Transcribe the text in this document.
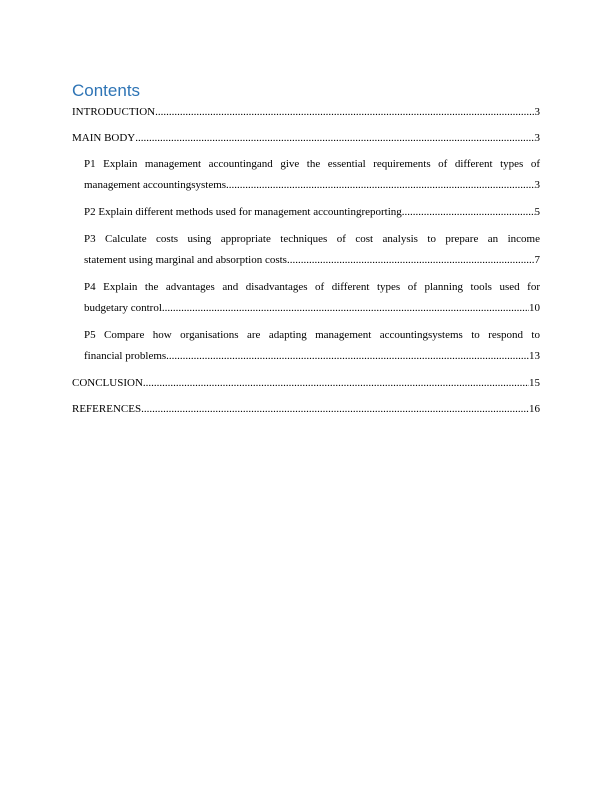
Contents
INTRODUCTION .....	3
MAIN BODY .....	3
P1 Explain management accountingand give the essential requirements of different types of
management accountingsystems .....	3
P2 Explain different methods used for management accountingreporting .....	5
P3 Calculate costs using appropriate techniques of cost analysis to prepare an income
statement using marginal and absorption costs .....	7
P4 Explain the advantages and disadvantages of different types of planning tools used for
budgetary control .....	10
P5 Compare how organisations are adapting management accountingsystems to respond to
financial problems .....	13
CONCLUSION .....	15
REFERENCES .....	16
